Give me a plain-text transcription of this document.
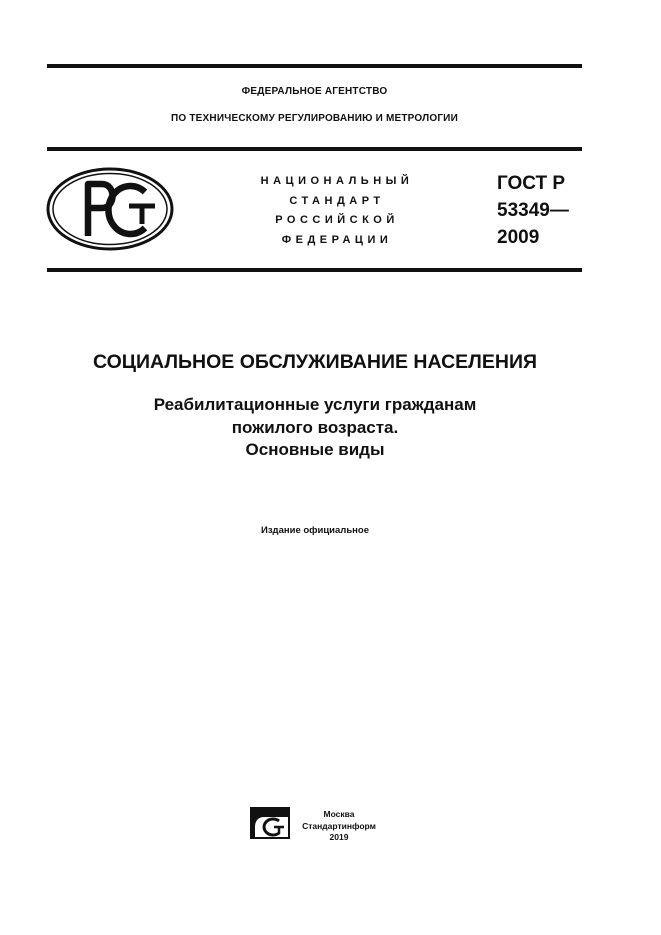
ФЕДЕРАЛЬНОЕ АГЕНТСТВО
ПО ТЕХНИЧЕСКОМУ РЕГУЛИРОВАНИЮ И МЕТРОЛОГИИ
НАЦИОНАЛЬНЫЙ
СТАНДАРТ
РОССИЙСКОЙ
ФЕДЕРАЦИИ
ГОСТ Р
53349—
2009
СОЦИАЛЬНОЕ ОБСЛУЖИВАНИЕ НАСЕЛЕНИЯ
Реабилитационные услуги гражданам
пожилого возраста.
Основные виды
Издание официальное
Москва
Стандартинформ
2019
